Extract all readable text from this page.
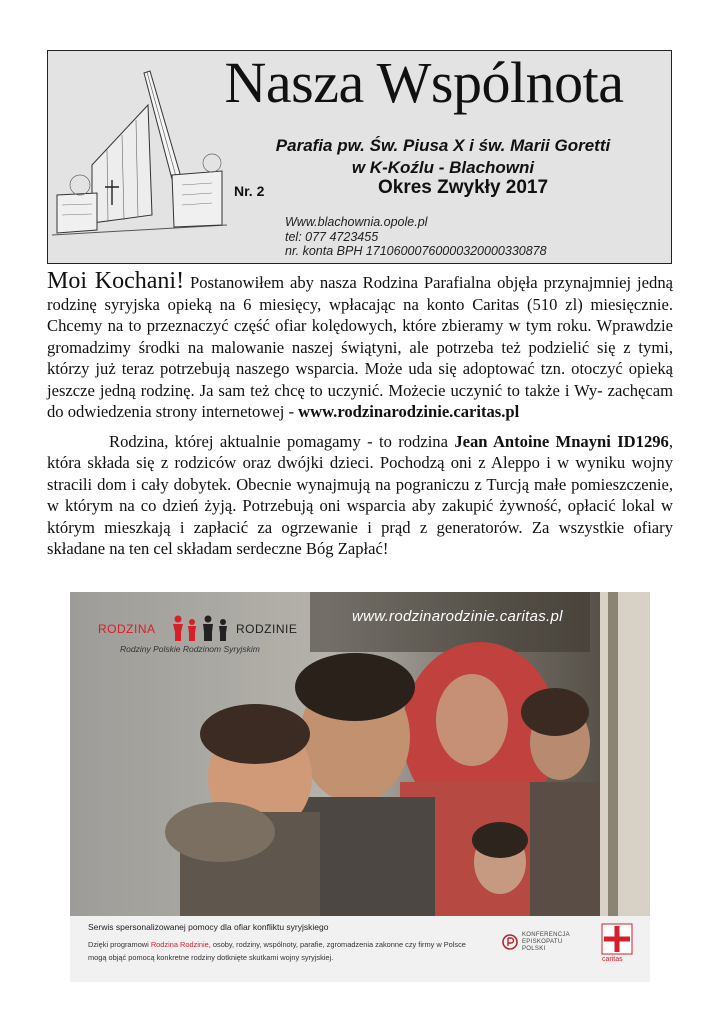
Nasza Wspólnota
Parafia pw. Św. Piusa X i św. Marii Goretti
w K-Koźlu - Blachowni
Nr. 2	Okres Zwykły 2017
Www.blachownia.opole.pl
tel: 077 4723455
nr. konta BPH 17106000760000320000330878

Moi Kochani! Postanowiłem aby nasza Rodzina Parafialna objęła przynajmniej jedną rodzinę syryjska opieką na 6 miesięcy, wpłacając na konto Caritas (510 zl) miesięcznie. Chcemy na to przeznaczyć część ofiar kolędowych, które zbieramy w tym roku. Wprawdzie gromadzimy środki na malowanie naszej świątyni, ale potrzeba też podzielić się z tymi, którzy już teraz potrzebują naszego wsparcia. Może uda się adoptować tzn. otoczyć opieką jeszcze jedną rodzinę. Ja sam też chcę to uczynić. Możecie uczynić to także i Wy- zachęcam do odwiedzenia strony internetowej - www.rodzinarodzinie.caritas.pl

Rodzina, której aktualnie pomagamy - to rodzina Jean Antoine Mnayni ID1296, która składa się z rodziców oraz dwójki dzieci. Pochodzą oni z Aleppo i w wyniku wojny stracili dom i cały dobytek. Obecnie wynajmują na pograniczu z Turcją małe pomieszczenie, w którym na co dzień żyją. Potrzebują oni wsparcia aby zakupić żywność, opłacić lokal w którym mieszkają i zapłacić za ogrzewanie i prąd z generatorów. Za wszystkie ofiary składane na ten cel składam serdeczne Bóg Zapłać!

RODZINA	RODZINIE
Rodziny Polskie Rodzinom Syryjskim
www.rodzinarodzinie.caritas.pl
Serwis spersonalizowanej pomocy dla ofiar konfliktu syryjskiego
Dzięki programowi Rodzina Rodzinie, osoby, rodziny, wspólnoty, parafie, zgromadzenia zakonne czy firmy w Polsce mogą objąć pomocą konkretne rodziny dotknięte skutkami wojny syryjskiej.
KONFERENCJA
EPISKOPATU
POLSKI
caritas
